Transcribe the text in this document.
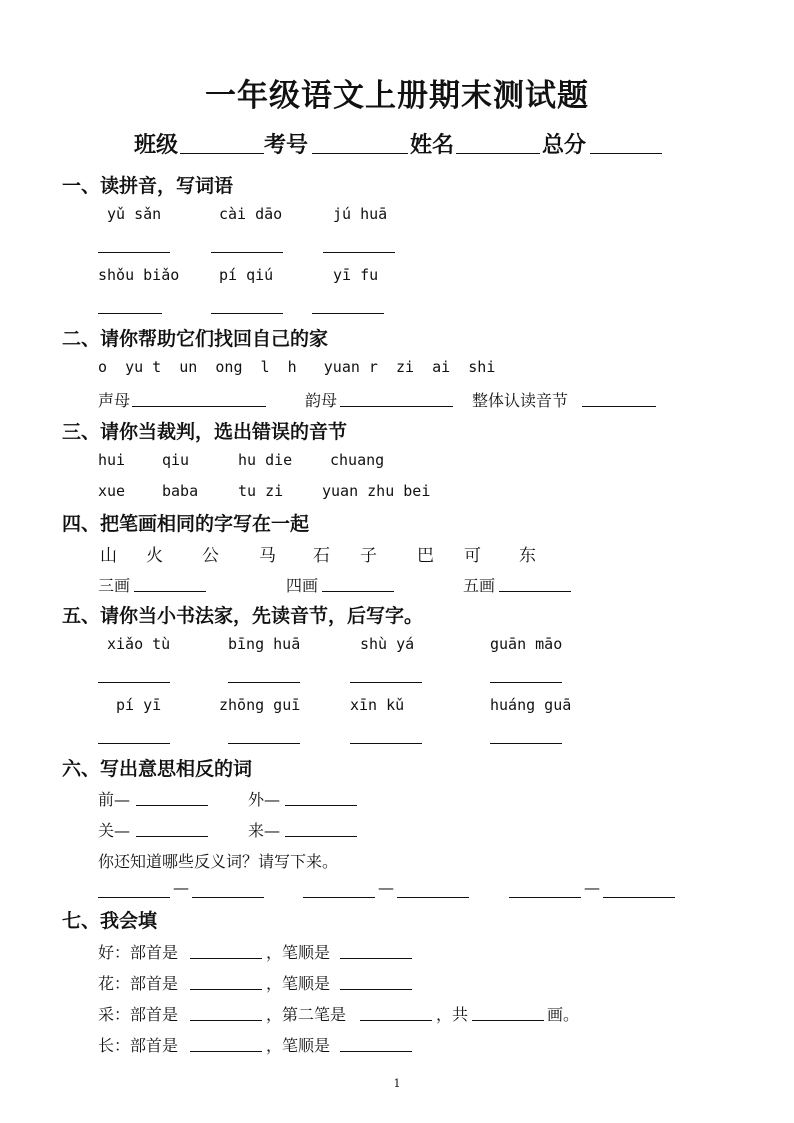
一年级语文上册期末测试题
班级	考号	姓名	总分
一、读拼音，写词语
yǔ sǎn	cài dāo	jú huā
shǒu biǎo	pí qiú	yī fu
二、请你帮助它们找回自己的家
o  yu t  un  ong  l  h   yuan r  zi  ai  shi
声母	韵母	整体认读音节
三、请你当裁判，选出错误的音节
hui qiu	hu die	chuang
xue baba	tu zi	yuan zhu bei
四、把笔画相同的字写在一起
山 火 公 马 石 子 巴 可 东
三画	四画	五画
五、请你当小书法家，先读音节，后写字。
xiǎo tù	bīng huā	shù yá	guān māo
pí yī	zhōng guī	xīn kǔ	huáng guā
六、写出意思相反的词
前—	外—
关—	来—
你还知道哪些反义词？请写下来。
—	—	—
七、我会填
好：部首是	，笔顺是
花：部首是	，笔顺是
采：部首是	，第二笔是	，共	画。
长：部首是	，笔顺是
1
